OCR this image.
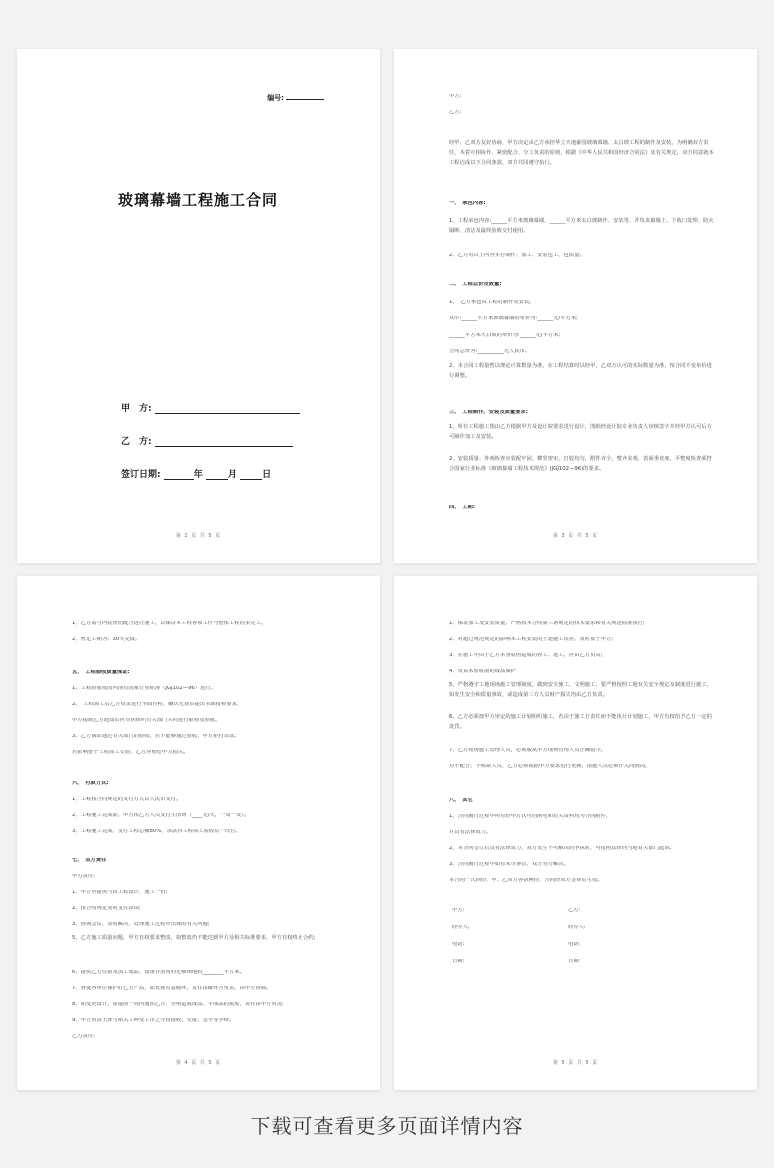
编号:
玻璃幕墙工程施工合同
甲　方:
乙　方:
签订日期:	年	月	日
第 2 页 共 5 页
甲方:
乙方:
经甲、乙双方友好协商，甲方决定由乙方承担华立天地豪园玻璃幕墙、太白玻工程的制作及安装。为明确双方责任，本着互相协作、紧密配合、分工负责的原则，根据《中华人民共和国经济合同法》及有关规定，双方同意就本工程达成以下合同条款，双方共同遵守执行。
一、　承包内容:
1、工程承包内容:______平方米玻璃幕墙，______平方米太白玻制作、安装等，并负责幕墙上、下收口处理、防火隔断、清洁及最终验收交付使用。
2、乙方对以上内容实行制作、加工、安装包工、包质量。
二、　工程总价及数量:
1、　乙方承包该工程的制作及安装。
其中:______平方米玻璃幕墙的单价为:______元/平方米;
______平方米大白玻的单价为:______元/平方米;
合同总价为:__________元人民币。
2、本合同工程量暂以理论计算数量为准，在工程结算时以经甲、乙双方认可的实际数量为准，按合同不变单价进行调整。
三、　工程制作、安装及质量要求:
1、所有工程施工图由乙方根据甲方及设计院要求进行设计，图纸经设计院专业负责人审核签字并经甲方认可后方可制作加工及安装。
2、安装质量：外观检查应装配牢固、横竖密实，打胶均匀，附件齐全，整齐美观，表面垂直度，平整度检查须符合国家行业标准《玻璃幕墙工程技术规范》(JGJ102—96)的要求。
四、　工期:
第 3 页 共 5 页
1、乙方需与内装密切配合进行施工，以保证本工程各项工作与整体工程同步完工。
2、暂定工期为：30天完成。
五、　工程验收质量保证:
1、工程验收按国内现有国家行业标准（JGJ102—96）进行。
2、　工程竣工后乙方负责进行全面自检，确认无误后提出书面报检要求，
甲方接到乙方通知后应尽快组织有关部门共同进行联检及验收。
3、乙方保证通过有关部门的验收，若不能够通过验收，甲方拒付余款;
若影响整个工程竣工交验，乙方应赔偿甲方损失。
六、　付款方式:
1、工程按合同规定的支付方式以人民币支付。
2、工程施工完成前，甲方按乙方人员支付生活费（____元/天，一周一发）。
3、工程施工完成，支付工程总额80%，余款待工程竣工验收后一次付。
七、　双方责任
甲方责任:
1、甲方应提供与该工程设计、施工一份;
2、按合同规定及时支付款项;
3、协调会议，及时解决、处理施工过程中出现的有关问题;
5、乙方施工质量问题，甲方有权要求整改，如整改仍不能达到甲方及相关标准要求，甲方有权终止合约;
6、提供乙方住宿及加工成品、设备存放用的足够场地约________平方米。
7、督促各单位保护好乙方产品，如发现有意破坏，责任由破坏方负责，由甲方协调。
8、如变更设计，需提前一周内通知乙方，否则造成成品、半成品的报废，责任由甲方负责;
9、甲方负责土排与相关工种及工序之分段接收，交接、签字等手续。
乙方责任:
第 4 页 共 5 页
1、保证加工及安装质量，严格按本合同第三条规定的技术要求和有关规范标准执行;
2、对超过规范规定的影响本工程安装的土建施工误差，及时报于甲方;
3、在施工中由于乙方本身原因造成的停工、返工，应由乙方负责;
4、负责未验收前的成品保护
5、严格遵守工地现场施工管理制度，做到安全施工，文明施工，要严格按照工地有关安全规定及制度进行施工，如发生安全和质量事故，或造成第三方人员财产损失均由乙方负责。
6、乙方必须按甲方审定的施工计划组织施工，若由于施工方责任而不能执行计划施工，甲方有权给予乙方一定的处罚。
7、乙方现场施工管理人员，必须服从甲方现场管理人员正确指令。
对不配合、不称职人员，乙方必须根据甲方要求进行更换，措施人员必须作关向到岗。
八、　其它
1、合同履行过程中所有经甲方认可的函电和有关资料均为合同附件，
并具有法律效力。
2、本合同签订后具有法律效力，双方发生不可解决的争执时，可按照法律向当地有关部门起诉。
3、合同履行过程中如有未尽事宜，双方另行解决。
本合同一式四份，甲、乙双方各执两份，合同经双方签章后生效。
甲方:	乙方:
经办人:	经办人:
电话:	电话:
日期:	日期:
第 5 页 共 5 页
下载可查看更多页面详情内容
